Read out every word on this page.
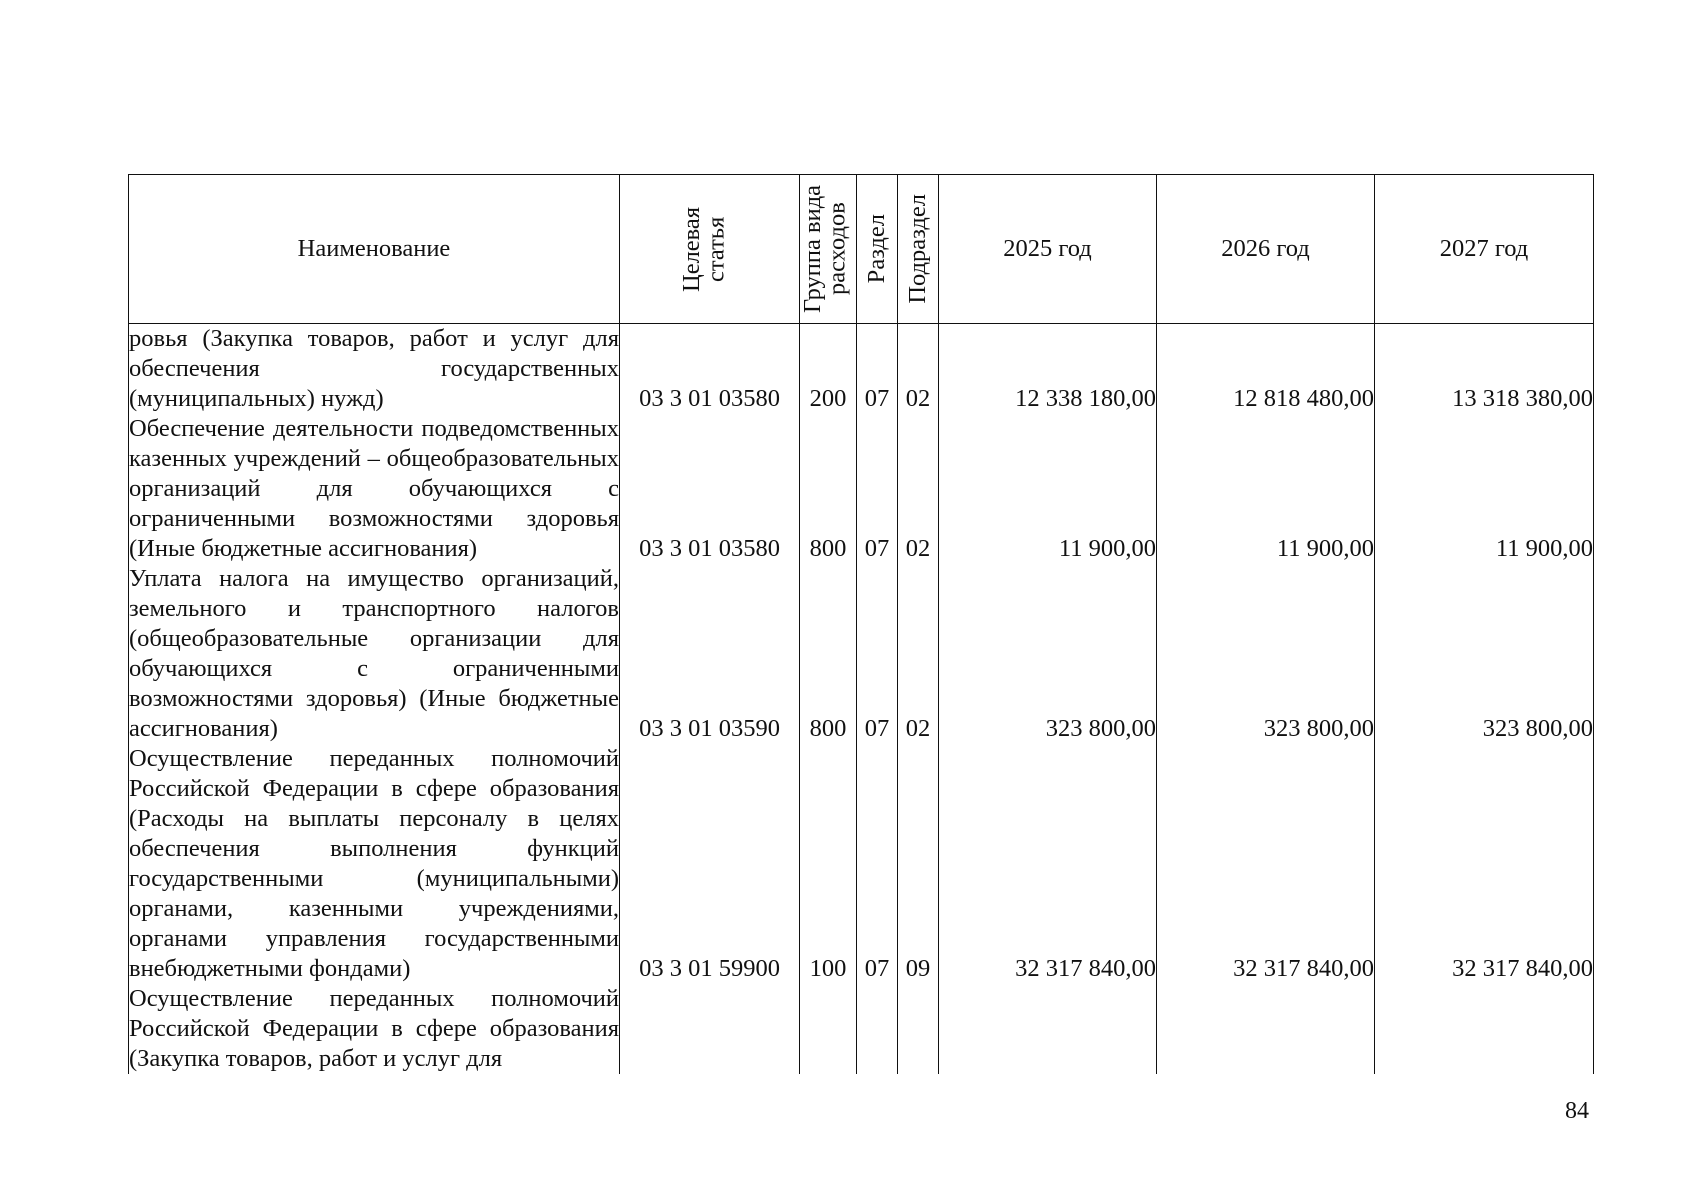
Наименование	Целевая статья	Группа вида расходов	Раздел	Подраздел	2025 год	2026 год	2027 год
ровья (Закупка товаров, работ и услуг для обеспечения государственных (муниципальных) нужд)	03 3 01 03580	200	07	02	12 338 180,00	12 818 480,00	13 318 380,00
Обеспечение деятельности подведомственных казенных учреждений – общеобразовательных организаций для обучающихся с ограниченными возможностями здоровья (Иные бюджетные ассигнования)	03 3 01 03580	800	07	02	11 900,00	11 900,00	11 900,00
Уплата налога на имущество организаций, земельного и транспортного налогов (общеобразовательные организации для обучающихся с ограниченными возможностями здоровья) (Иные бюджетные ассигнования)	03 3 01 03590	800	07	02	323 800,00	323 800,00	323 800,00
Осуществление переданных полномочий Российской Федерации в сфере образования (Расходы на выплаты персоналу в целях обеспечения выполнения функций государственными (муниципальными) органами, казенными учреждениями, органами управления государственными внебюджетными фондами)	03 3 01 59900	100	07	09	32 317 840,00	32 317 840,00	32 317 840,00
Осуществление переданных полномочий Российской Федерации в сфере образования (Закупка товаров, работ и услуг для							
84
